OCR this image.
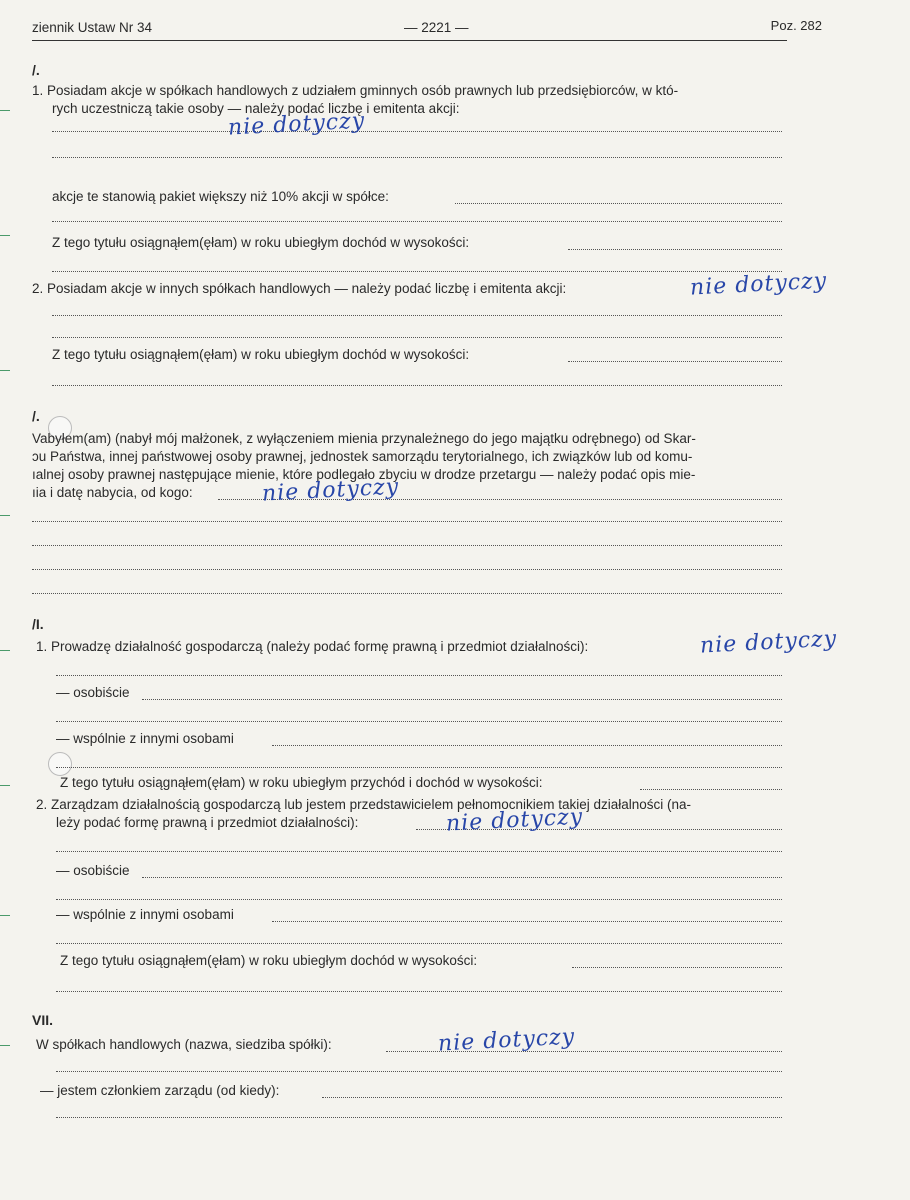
ziennik Ustaw Nr 34	— 2221 —	Poz. 282
/.
1. Posiadam akcje w spółkach handlowych z udziałem gminnych osób prawnych lub przedsiębiorców, w któ-
rych uczestniczą takie osoby — należy podać liczbę i emitenta akcji:
nie dotyczy
akcje te stanowią pakiet większy niż 10% akcji w spółce:
Z tego tytułu osiągnąłem(ęłam) w roku ubiegłym dochód w wysokości:
2. Posiadam akcje w innych spółkach handlowych — należy podać liczbę i emitenta akcji:	nie dotyczy
Z tego tytułu osiągnąłem(ęłam) w roku ubiegłym dochód w wysokości:
/.
Vabyłem(am) (nabył mój małżonek, z wyłączeniem mienia przynależnego do jego majątku odrębnego) od Skar-
ɔu Państwa, innej państwowej osoby prawnej, jednostek samorządu terytorialnego, ich związków lub od komu-
ıalnej osoby prawnej następujące mienie, które podlegało zbyciu w drodze przetargu — należy podać opis mie-
ıia i datę nabycia, od kogo:	nie dotyczy
/I.
1. Prowadzę działalność gospodarczą (należy podać formę prawną i przedmiot działalności):	nie dotyczy
— osobiście
— wspólnie z innymi osobami
Z tego tytułu osiągnąłem(ęłam) w roku ubiegłym przychód i dochód w wysokości:
2. Zarządzam działalnością gospodarczą lub jestem przedstawicielem pełnomocnikiem takiej działalności (na-
leży podać formę prawną i przedmiot działalności):	nie dotyczy
— osobiście
— wspólnie z innymi osobami
Z tego tytułu osiągnąłem(ęłam) w roku ubiegłym dochód w wysokości:
VII.
W spółkach handlowych (nazwa, siedziba spółki):	nie dotyczy
— jestem członkiem zarządu (od kiedy):
